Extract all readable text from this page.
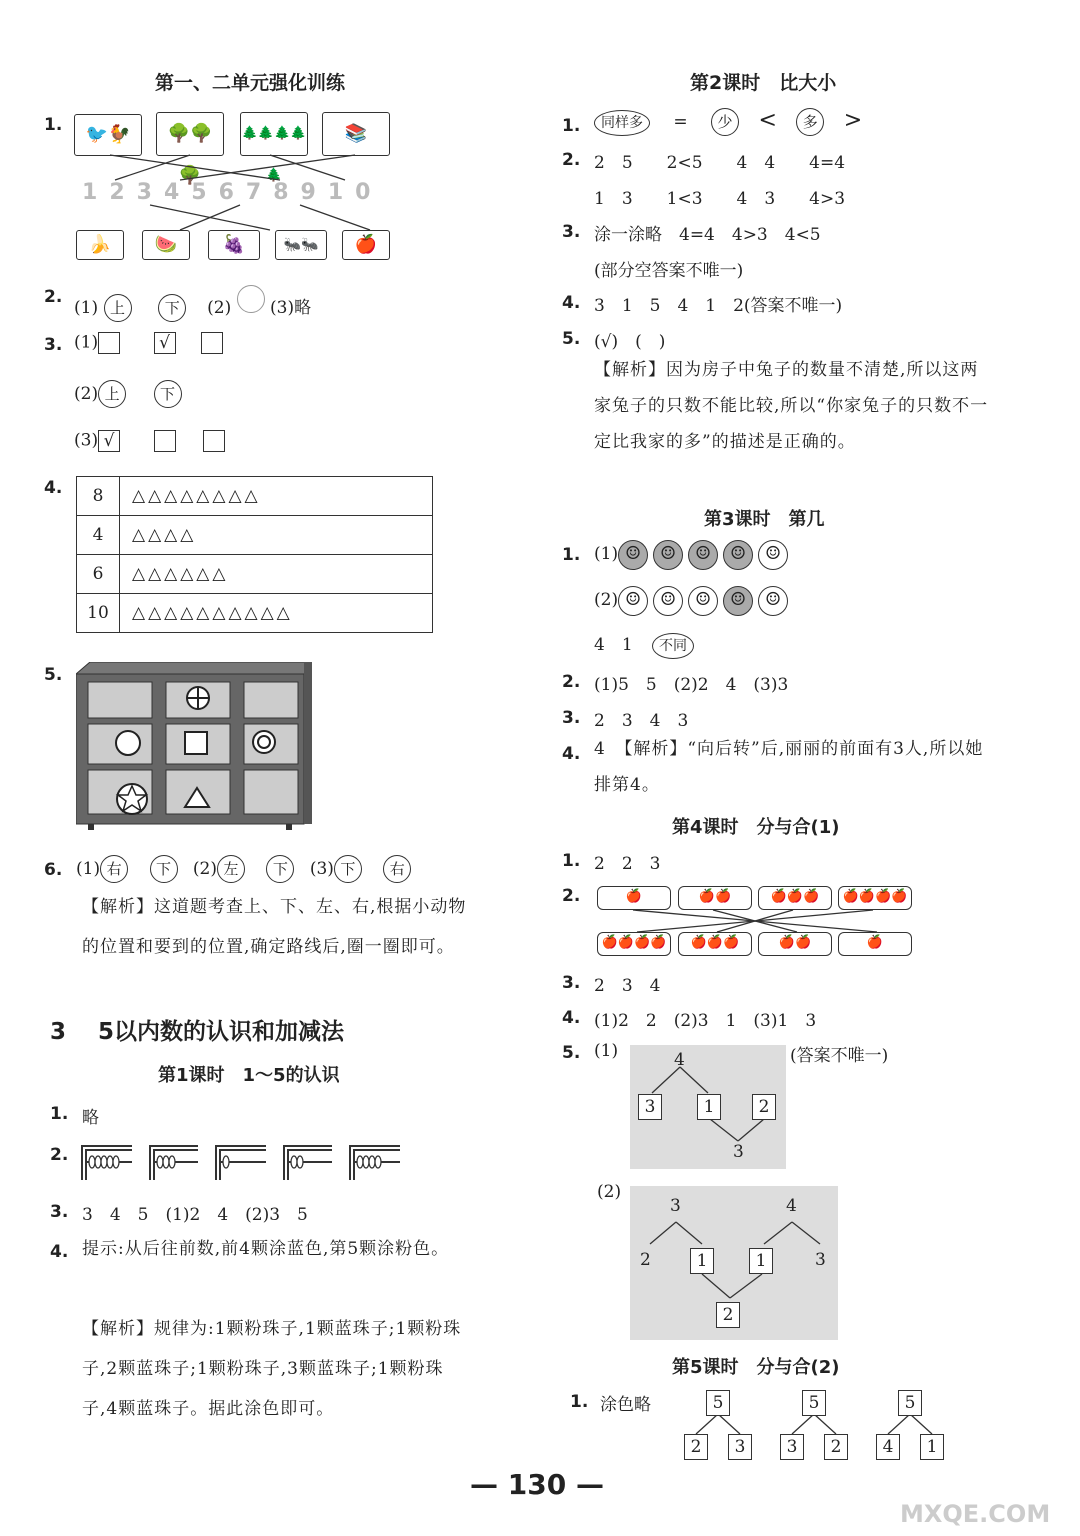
第一、二单元强化训练
1.	🐦🐓	🌳🌳🌳
🌲🌲🌲🌲🌲
📚
12345678910
🍌	🍉	🍇	🐜🐜	🍎
2.
(1) 上	下 (2) (3)略
3. (1)	√
(2) 上	下
(3) √
4. 8	△△△△△△△△
4	△△△△
6	△△△△△△
10	△△△△△△△△△△
5.
6. (1) 右 下 (2) 左 下 (3) 下 右
【解析】这道题考查上、下、左、右,根据小动物的位置和要到的位置,确定路线后,圈一圈即可。
3 5以内数的认识和加减法
第1课时　1～5的认识
1. 略
2.
3. 3　4　5　(1)2　4　(2)3　5
4. 提示:从后往前数,前4颗涂蓝色,第5颗涂粉色。
【解析】规律为:1颗粉珠子,1颗蓝珠子;1颗粉珠子,2颗蓝珠子;1颗粉珠子,3颗蓝珠子;1颗粉珠子,4颗蓝珠子。据此涂色即可。
第2课时　比大小
1.	同样多 = 少 < 多 >
2. 2　5　　2<5　　4　4　　4=4
1　3　　1<3　　4　3　　4>3
3. 涂一涂略　4=4　4>3　4<5
(部分空答案不唯一)
4. 3　1　5　4　1　2(答案不唯一)
5. (√)　(　)
【解析】因为房子中兔子的数量不清楚,所以这两家兔子的只数不能比较,所以“你家兔子的只数不一定比我家的多”的描述是正确的。
第3课时　第几
1. (1) ☺ ☺ ☺ ☺ ☺
(2) ☺ ☺ ☺ ☺ ☺
4　1 不同
2. (1)5　5　(2)2　4　(3)3
3. 2　3　4　3
4. 4　【解析】“向后转”后,丽丽的前面有3人,所以她排第4。
第4课时　分与合(1)
1. 2　2　3
2.	🍎	🍎🍎	🍎🍎🍎	🍎🍎🍎🍎
🍎🍎🍎🍎	🍎🍎🍎	🍎🍎	🍎
3. 2　3　4
4. (1)2　2　(2)3　1　(3)1　3
5. (1)	(答案不唯一)
4
3	1	2
3
(2)
3	4
2	1	1	3
2
第5课时　分与合(2)
1. 涂色略	5
2	3
5
3	2
5
4	1
— 130 —
MXQE.COM
